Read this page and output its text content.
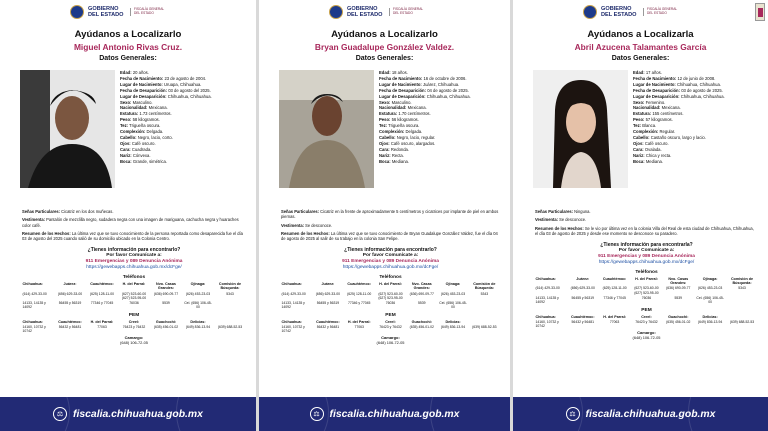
GOBIERNO DEL ESTADO
FISCALÍA GENERAL DEL ESTADO
Ayúdanos a Localizarlo
Miguel Antonio Rivas Cruz.
Datos Generales:
Edad: 20 años.
Fecha de Nacimiento: 23 de agosto de 2004.
Lugar de Nacimiento: Uruapa, Chihuahua.
Fecha de Desaparición: 03 de agosto del 2025.
Lugar de Desaparición: Chihuahua, Chihuahua.
Sexo: Masculino.
Nacionalidad: Mexicana.
Estatura: 1.73 centímetros.
Peso: 58 kilogramos.
Tez: Trigueña oscura.
Complexión: Delgada.
Cabello: Negro, lacio, corto.
Ojos: Café oscuro.
Cara: Cuadrada.
Nariz: Cónvexa.
Boca: Grande, simétrica.

Señas Particulares: Cicatriz en los dos muñecas.

Vestimenta: Pantalón de mezclilla negro, sudadera negra con una imagen de mariguana, cachucha negra y huaraches color café.

Resumen de los Hechos: La última vez que se tuvo conocimiento de la persona reportada como desaparecida fue el día 03 de agosto del 2025 cuando salió de su domicilio ubicado en la Colonia Centro.

¿Tienes información para encontrarlo?
Por favor Comunícate a:
911 Emergencias y 089 Denuncia Anónima
https://gewebapps.chihuahua.gob.mx/dcFge/
Teléfonos
Chihuahua:	Juárez:	Cuauhtémoc:	H. del Parral:	Nvo. Casas Grandes:	Ojinaga:	Comisión de Búsqueda:
(614) 429-33-00	(656) 629-33-00	(625) 128-11-00	(627) 523-60-00 (627) 523-95-00	(636) 690-09-77	(626) 453-23-03	5343
14133, 14135 y 14092	56455 y 56319	77346 y 77045	76036	5539	Cel. (656) 106-45-00	
PEM
Chihuahua:	Cuauhtémoc:	H. del Parral:	Creel:	Guachochi:	Delicias:	
14160, 10732 y 10742	56432 y 56481	77063	76423 y 76432	(635) 456-01-02	(649) 836-13-94	(639) 688-52-53
Camargo:
(648) 106-72-05
⚖ fiscalia.chihuahua.gob.mx
GOBIERNO DEL ESTADO
FISCALÍA GENERAL DEL ESTADO
Ayúdanos a Localizarlo
Bryan Guadalupe González Valdez.
Datos Generales:
Edad: 18 años.
Fecha de Nacimiento: 16 de octubre de 2006.
Lugar de Nacimiento: Juárez, Chihuahua.
Fecha de Desaparición: 04 de agosto de 2025.
Lugar de Desaparición: Chihuahua, Chihuahua.
Sexo: Masculino.
Nacionalidad: Mexicana.
Estatura: 1.70 centímetros.
Peso: 56 kilogramos.
Tez: Trigueña oscura.
Complexión: Delgada.
Cabello: Negro, lacio, regular.
Ojos: Café oscuro, alargados.
Cara: Redonda.
Nariz: Recta.
Boca: Mediana.

Señas Particulares: Cicatriz en la frente de aproximadamente 5 centímetros y cicatrices por implante de piel en ambos piernas.

Vestimenta: Se desconoce.

Resumen de los Hechos: La última vez que se tuvo conocimiento de Bryan Guadalupe González Valdez, fue el día 04 de agosto de 2025 al salir de su trabajo en la colonia San Felipe.

¿Tienes información para encontrarlo?
Por favor Comunícate a:
911 Emergencias y 089 Denuncia Anónima
https://gewebapps.chihuahua.gob.mx/dcFge/
Teléfonos
Chihuahua:	Juárez:	Cuauhtémoc:	H. del Parral:	Nvo. Casas Grandes:	Ojinaga:	Comisión de Búsqueda:
(614) 429-33-00	(656) 629-33-00	(625) 128-11-00	(627) 523-60-00 (627) 523-95-00	(636) 690-09-77	(626) 453-23-03	5343
14133, 14135 y 14092	56455 y 56319	77346 y 77045	76036	5539	Cel. (656) 106-45-00	
PEM
Chihuahua:	Cuauhtémoc:	H. del Parral:	Creel:	Guachochi:	Delicias:	
14160, 10732 y 10742	56432 y 56481	77063	76423 y 76432	(635) 456-01-02	(649) 836-13-94	(639) 688-52-53
Camargo:
(648) 106-72-05
⚖ fiscalia.chihuahua.gob.mx
GOBIERNO DEL ESTADO
FISCALÍA GENERAL DEL ESTADO
Ayúdanos a Localizarla
Abril Azucena Talamantes García
Datos Generales:
Edad: 17 años.
Fecha de Nacimiento: 12 de junio de 2008.
Lugar de Nacimiento: Chihuahua, Chihuahua.
Fecha de Desaparición: 03 de agosto de 2025.
Lugar de Desaparición: Chihuahua, Chihuahua.
Sexo: Femenino.
Nacionalidad: Mexicana.
Estatura: 155 centímetros.
Peso: 57 kilogramos.
Tez: Blanca.
Complexión: Regular.
Cabello: Castaño oscuro, largo y lacio.
Ojos: Café oscuro.
Cara: Ovalada.
Nariz: Chica y recta.
Boca: Mediana.

Señas Particulares: Ninguna.

Vestimenta: Se desconoce.

Resumen de los Hechos: Se le vio por última vez en la colonia Villa del Real de esta ciudad de Chihuahua, Chihuahua, el día 03 de agosto de 2025 y desde ese momento se desconoce su paradero.

¿Tienes información para encontrarla?
Por favor Comunícate a:
911 Emergencias y 089 Denuncia Anónima
https://gewebapps.chihuahua.gob.mx/dcFge/
Teléfonos
Chihuahua:	Juárez:	Cuauhtémoc:	H. del Parral:	Nvo. Casas Grandes:	Ojinaga:	Comisión de Búsqueda:
(614) 429-33-00	(656) 629-33-00	(625) 128-11-00	(627) 523-60-00 (627) 523-95-00	(636) 690-09-77	(626) 453-23-03	5343
14133, 14135 y 14092	56455 y 56319	77346 y 77045	76036	5539	Cel. (656) 106-45-00	
PEM
Chihuahua:	Cuauhtémoc:	H. del Parral:	Creel:	Guachochi:	Delicias:	
14160, 10732 y 10742	56432 y 56481	77063	76423 y 76432	(635) 456-01-02	(649) 836-13-94	(639) 688-52-53
Camargo:
(648) 106-72-05
⚖ fiscalia.chihuahua.gob.mx
